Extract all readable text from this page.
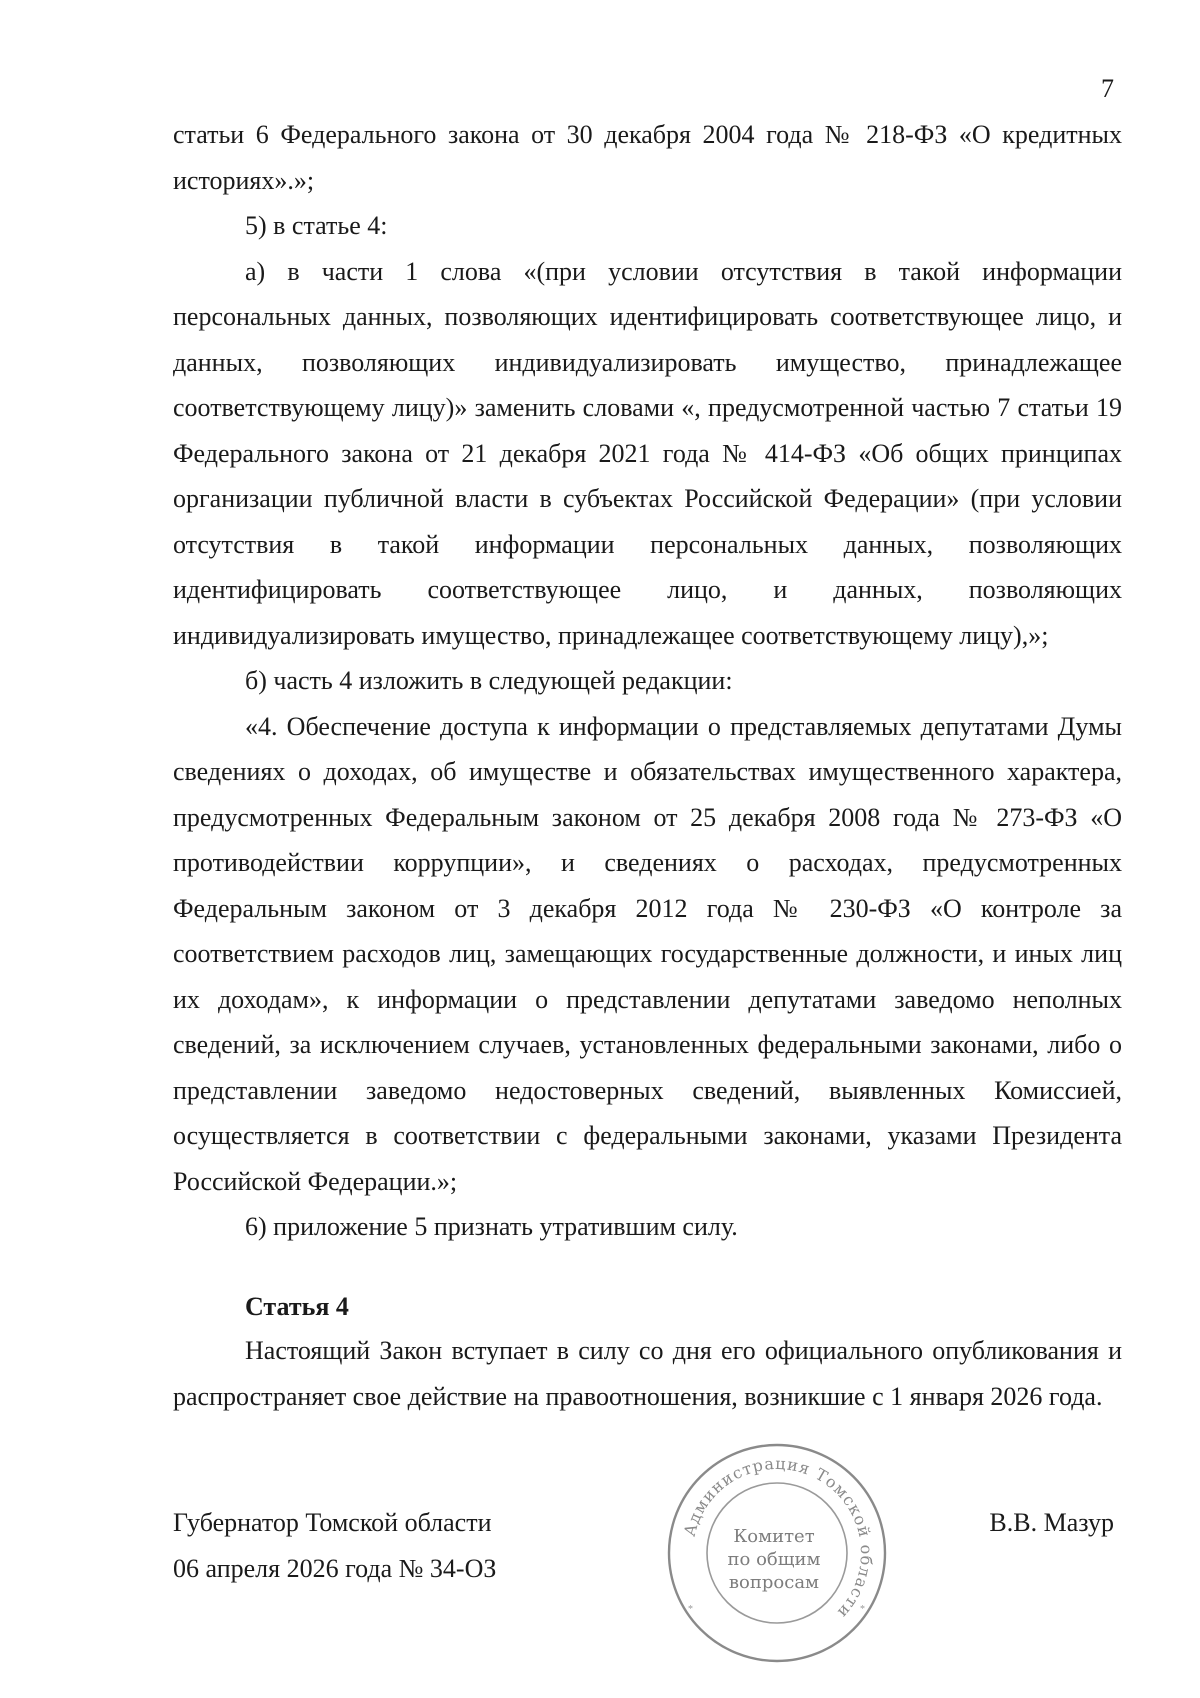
7

статьи 6 Федерального закона от 30 декабря 2004 года № 218-ФЗ «О кредитных историях».»;

5) в статье 4:

а) в части 1 слова «(при условии отсутствия в такой информации персональных данных, позволяющих идентифицировать соответствующее лицо, и данных, позволяющих индивидуализировать имущество, принадлежащее соответствующему лицу)» заменить словами «, предусмотренной частью 7 статьи 19 Федерального закона от 21 декабря 2021 года № 414-ФЗ «Об общих принципах организации публичной власти в субъектах Российской Федерации» (при условии отсутствия в такой информации персональных данных, позволяющих идентифицировать соответствующее лицо, и данных, позволяющих индивидуализировать имущество, принадлежащее соответствующему лицу),»;

б) часть 4 изложить в следующей редакции:

«4. Обеспечение доступа к информации о представляемых депутатами Думы сведениях о доходах, об имуществе и обязательствах имущественного характера, предусмотренных Федеральным законом от 25 декабря 2008 года № 273-ФЗ «О противодействии коррупции», и сведениях о расходах, предусмотренных Федеральным законом от 3 декабря 2012 года № 230-ФЗ «О контроле за соответствием расходов лиц, замещающих государственные должности, и иных лиц их доходам», к информации о представлении депутатами заведомо неполных сведений, за исключением случаев, установленных федеральными законами, либо о представлении заведомо недостоверных сведений, выявленных Комиссией, осуществляется в соответствии с федеральными законами, указами Президента Российской Федерации.»;

6) приложение 5 признать утратившим силу.

Статья 4

Настоящий Закон вступает в силу со дня его официального опубликования и распространяет свое действие на правоотношения, возникшие с 1 января 2026 года.

Губернатор Томской области
06 апреля 2026 года № 34-ОЗ
В.В. Мазур
Администрация Томской области
Комитет
по общим
вопросам
*	*
